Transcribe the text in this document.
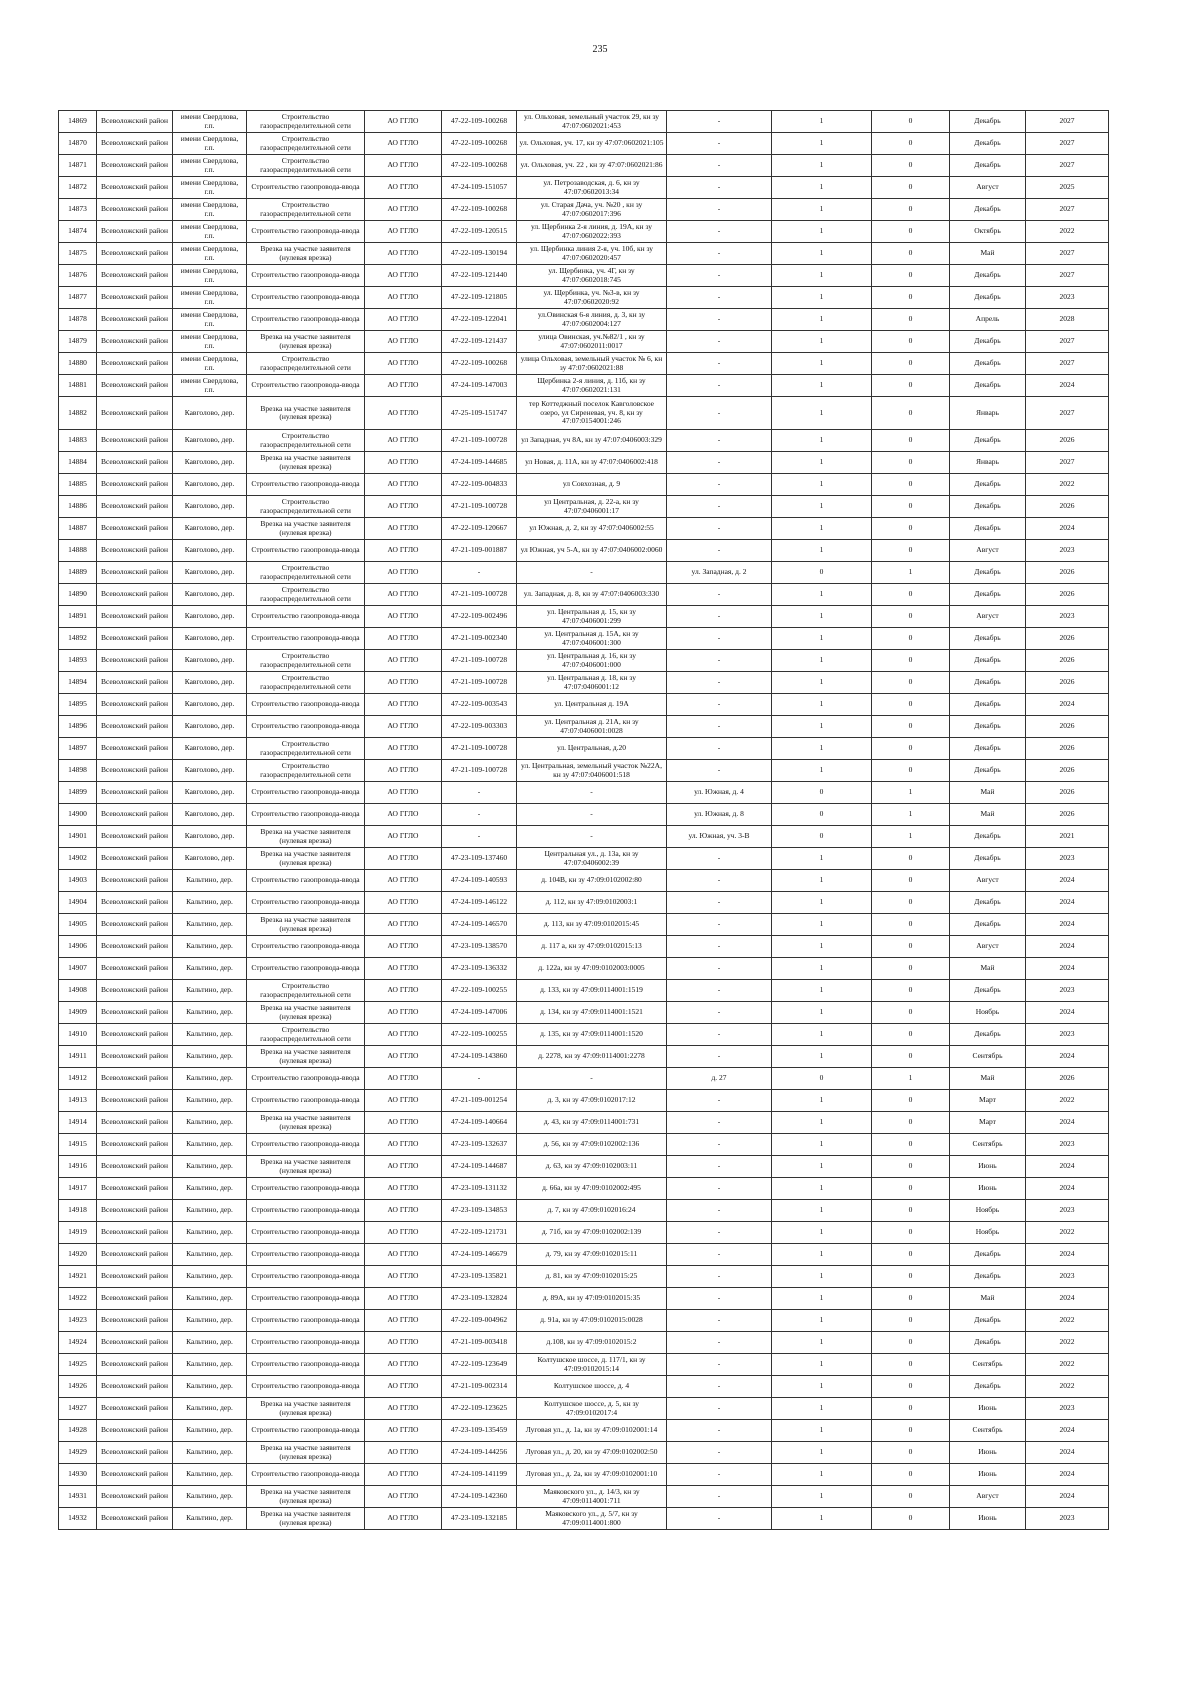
235
14869	Всеволожский район	имени Свердлова, г.п.	Строительство газораспределительной сети	АО ГГЛО	47-22-109-100268	ул. Ольховая, земельный участок 29, кн зу 47:07:0602021:453	-	1	0	Декабрь	2027
14870	Всеволожский район	имени Свердлова, г.п.	Строительство газораспределительной сети	АО ГГЛО	47-22-109-100268	ул. Ольховая, уч. 17, кн зу 47:07:0602021:105	-	1	0	Декабрь	2027
14871	Всеволожский район	имени Свердлова, г.п.	Строительство газораспределительной сети	АО ГГЛО	47-22-109-100268	ул. Ольховая, уч. 22 , кн зу 47:07:0602021:86	-	1	0	Декабрь	2027
14872	Всеволожский район	имени Свердлова, г.п.	Строительство газопровода-ввода	АО ГГЛО	47-24-109-151057	ул. Петрозаводская, д. 6, кн зу 47:07:0602013:34	-	1	0	Август	2025
14873	Всеволожский район	имени Свердлова, г.п.	Строительство газораспределительной сети	АО ГГЛО	47-22-109-100268	ул. Старая Дача, уч. №20 , кн зу 47:07:0602017:396	-	1	0	Декабрь	2027
14874	Всеволожский район	имени Свердлова, г.п.	Строительство газопровода-ввода	АО ГГЛО	47-22-109-120515	ул. Щербинка 2-я линия, д. 19А, кн зу 47:07:0602022:393	-	1	0	Октябрь	2022
14875	Всеволожский район	имени Свердлова, г.п.	Врезка на участке заявителя (нулевая врезка)	АО ГГЛО	47-22-109-130194	ул. Щербинка линия 2-я, уч. 10б, кн зу 47:07:0602020:457	-	1	0	Май	2027
14876	Всеволожский район	имени Свердлова, г.п.	Строительство газопровода-ввода	АО ГГЛО	47-22-109-121440	ул. Щербинка, уч. 4Г, кн зу 47:07:0602018:745	-	1	0	Декабрь	2027
14877	Всеволожский район	имени Свердлова, г.п.	Строительство газопровода-ввода	АО ГГЛО	47-22-109-121805	ул. Щербинка, уч. №3-в, кн зу 47:07:0602020:92	-	1	0	Декабрь	2023
14878	Всеволожский район	имени Свердлова, г.п.	Строительство газопровода-ввода	АО ГГЛО	47-22-109-122041	ул.Овинская 6-я линия, д. 3, кн зу 47:07:0602004:127	-	1	0	Апрель	2028
14879	Всеволожский район	имени Свердлова, г.п.	Врезка на участке заявителя (нулевая врезка)	АО ГГЛО	47-22-109-121437	улица Овинская, уч.№82/1 , кн зу 47:07:0602011:0017	-	1	0	Декабрь	2027
14880	Всеволожский район	имени Свердлова, г.п.	Строительство газораспределительной сети	АО ГГЛО	47-22-109-100268	улица Ольховая, земельный участок № 6, кн зу 47:07:0602021:88	-	1	0	Декабрь	2027
14881	Всеволожский район	имени Свердлова, г.п.	Строительство газопровода-ввода	АО ГГЛО	47-24-109-147003	Щербинка 2-я линия, д. 11б, кн зу 47:07:0602021:131	-	1	0	Декабрь	2024
14882	Всеволожский район	Кавголово, дер.	Врезка на участке заявителя (нулевая врезка)	АО ГГЛО	47-25-109-151747	тер Коттеджный поселок Кавголовское озеро, ул Сиреневая, уч. 8, кн зу 47:07:0154001:246	-	1	0	Январь	2027
14883	Всеволожский район	Кавголово, дер.	Строительство газораспределительной сети	АО ГГЛО	47-21-109-100728	ул Западная, уч 8А, кн зу 47:07:0406003:329	-	1	0	Декабрь	2026
14884	Всеволожский район	Кавголово, дер.	Врезка на участке заявителя (нулевая врезка)	АО ГГЛО	47-24-109-144685	ул Новая, д. 11А, кн зу 47:07:0406002:418	-	1	0	Январь	2027
14885	Всеволожский район	Кавголово, дер.	Строительство газопровода-ввода	АО ГГЛО	47-22-109-004833	ул Совхозная, д. 9	-	1	0	Декабрь	2022
14886	Всеволожский район	Кавголово, дер.	Строительство газораспределительной сети	АО ГГЛО	47-21-109-100728	ул Центральная, д. 22-а, кн зу 47:07:0406001:17	-	1	0	Декабрь	2026
14887	Всеволожский район	Кавголово, дер.	Врезка на участке заявителя (нулевая врезка)	АО ГГЛО	47-22-109-120667	ул Южная, д. 2, кн зу 47:07:0406002:55	-	1	0	Декабрь	2024
14888	Всеволожский район	Кавголово, дер.	Строительство газопровода-ввода	АО ГГЛО	47-21-109-001887	ул Южная, уч 5-А, кн зу 47:07:0406002:0060	-	1	0	Август	2023
14889	Всеволожский район	Кавголово, дер.	Строительство газораспределительной сети	АО ГГЛО	-	-	ул. Западная, д. 2	0	1	Декабрь	2026
14890	Всеволожский район	Кавголово, дер.	Строительство газораспределительной сети	АО ГГЛО	47-21-109-100728	ул. Западная, д. 8, кн зу 47:07:0406003:330	-	1	0	Декабрь	2026
14891	Всеволожский район	Кавголово, дер.	Строительство газопровода-ввода	АО ГГЛО	47-22-109-002496	ул. Центральная д. 15, кн зу 47:07:0406001:299	-	1	0	Август	2023
14892	Всеволожский район	Кавголово, дер.	Строительство газопровода-ввода	АО ГГЛО	47-21-109-002340	ул. Центральная д. 15А, кн зу 47:07:0406001:300	-	1	0	Декабрь	2026
14893	Всеволожский район	Кавголово, дер.	Строительство газораспределительной сети	АО ГГЛО	47-21-109-100728	ул. Центральная д. 16, кн зу 47:07:0406001:000	-	1	0	Декабрь	2026
14894	Всеволожский район	Кавголово, дер.	Строительство газораспределительной сети	АО ГГЛО	47-21-109-100728	ул. Центральная д. 18, кн зу 47:07:0406001:12	-	1	0	Декабрь	2026
14895	Всеволожский район	Кавголово, дер.	Строительство газопровода-ввода	АО ГГЛО	47-22-109-003543	ул. Центральная д. 19А	-	1	0	Декабрь	2024
14896	Всеволожский район	Кавголово, дер.	Строительство газопровода-ввода	АО ГГЛО	47-22-109-003303	ул. Центральная д. 21А, кн зу 47:07:0406001:0028	-	1	0	Декабрь	2026
14897	Всеволожский район	Кавголово, дер.	Строительство газораспределительной сети	АО ГГЛО	47-21-109-100728	ул. Центральная, д.20	-	1	0	Декабрь	2026
14898	Всеволожский район	Кавголово, дер.	Строительство газораспределительной сети	АО ГГЛО	47-21-109-100728	ул. Центральная, земельный участок №22А, кн зу 47:07:0406001:518	-	1	0	Декабрь	2026
14899	Всеволожский район	Кавголово, дер.	Строительство газопровода-ввода	АО ГГЛО	-	-	ул. Южная, д. 4	0	1	Май	2026
14900	Всеволожский район	Кавголово, дер.	Строительство газопровода-ввода	АО ГГЛО	-	-	ул. Южная, д. 8	0	1	Май	2026
14901	Всеволожский район	Кавголово, дер.	Врезка на участке заявителя (нулевая врезка)	АО ГГЛО	-	-	ул. Южная, уч. 3-В	0	1	Декабрь	2021
14902	Всеволожский район	Кавголово, дер.	Врезка на участке заявителя (нулевая врезка)	АО ГГЛО	47-23-109-137460	Центральная ул., д. 13а, кн зу 47:07:0406002:39	-	1	0	Декабрь	2023
14903	Всеволожский район	Кальтино, дер.	Строительство газопровода-ввода	АО ГГЛО	47-24-109-140593	д. 104В, кн зу 47:09:0102002:80	-	1	0	Август	2024
14904	Всеволожский район	Кальтино, дер.	Строительство газопровода-ввода	АО ГГЛО	47-24-109-146122	д. 112, кн зу 47:09:0102003:1	-	1	0	Декабрь	2024
14905	Всеволожский район	Кальтино, дер.	Врезка на участке заявителя (нулевая врезка)	АО ГГЛО	47-24-109-146570	д. 113, кн зу 47:09:0102015:45	-	1	0	Декабрь	2024
14906	Всеволожский район	Кальтино, дер.	Строительство газопровода-ввода	АО ГГЛО	47-23-109-138570	д. 117 а, кн зу 47:09:0102015:13	-	1	0	Август	2024
14907	Всеволожский район	Кальтино, дер.	Строительство газопровода-ввода	АО ГГЛО	47-23-109-136332	д. 122а, кн зу 47:09:0102003:0005	-	1	0	Май	2024
14908	Всеволожский район	Кальтино, дер.	Строительство газораспределительной сети	АО ГГЛО	47-22-109-100255	д. 133, кн зу 47:09:0114001:1519	-	1	0	Декабрь	2023
14909	Всеволожский район	Кальтино, дер.	Врезка на участке заявителя (нулевая врезка)	АО ГГЛО	47-24-109-147006	д. 134, кн зу 47:09:0114001:1521	-	1	0	Ноябрь	2024
14910	Всеволожский район	Кальтино, дер.	Строительство газораспределительной сети	АО ГГЛО	47-22-109-100255	д. 135, кн зу 47:09:0114001:1520	-	1	0	Декабрь	2023
14911	Всеволожский район	Кальтино, дер.	Врезка на участке заявителя (нулевая врезка)	АО ГГЛО	47-24-109-143860	д. 2278, кн зу 47:09:0114001:2278	-	1	0	Сентябрь	2024
14912	Всеволожский район	Кальтино, дер.	Строительство газопровода-ввода	АО ГГЛО	-	-	д. 27	0	1	Май	2026
14913	Всеволожский район	Кальтино, дер.	Строительство газопровода-ввода	АО ГГЛО	47-21-109-001254	д. 3, кн зу 47:09:0102017:12	-	1	0	Март	2022
14914	Всеволожский район	Кальтино, дер.	Врезка на участке заявителя (нулевая врезка)	АО ГГЛО	47-24-109-140664	д. 43, кн зу 47:09:0114001:731	-	1	0	Март	2024
14915	Всеволожский район	Кальтино, дер.	Строительство газопровода-ввода	АО ГГЛО	47-23-109-132637	д. 56, кн зу 47:09:0102002:136	-	1	0	Сентябрь	2023
14916	Всеволожский район	Кальтино, дер.	Врезка на участке заявителя (нулевая врезка)	АО ГГЛО	47-24-109-144687	д. 63, кн зу 47:09:0102003:11	-	1	0	Июнь	2024
14917	Всеволожский район	Кальтино, дер.	Строительство газопровода-ввода	АО ГГЛО	47-23-109-131132	д. 66а, кн зу 47:09:0102002:495	-	1	0	Июнь	2024
14918	Всеволожский район	Кальтино, дер.	Строительство газопровода-ввода	АО ГГЛО	47-23-109-134853	д. 7, кн зу 47:09:0102016:24	-	1	0	Ноябрь	2023
14919	Всеволожский район	Кальтино, дер.	Строительство газопровода-ввода	АО ГГЛО	47-22-109-121731	д. 71б, кн зу 47:09:0102002:139	-	1	0	Ноябрь	2022
14920	Всеволожский район	Кальтино, дер.	Строительство газопровода-ввода	АО ГГЛО	47-24-109-146679	д. 79, кн зу 47:09:0102015:11	-	1	0	Декабрь	2024
14921	Всеволожский район	Кальтино, дер.	Строительство газопровода-ввода	АО ГГЛО	47-23-109-135821	д. 81, кн зу 47:09:0102015:25	-	1	0	Декабрь	2023
14922	Всеволожский район	Кальтино, дер.	Строительство газопровода-ввода	АО ГГЛО	47-23-109-132824	д. 89А, кн зу 47:09:0102015:35	-	1	0	Май	2024
14923	Всеволожский район	Кальтино, дер.	Строительство газопровода-ввода	АО ГГЛО	47-22-109-004962	д. 91а, кн зу 47:09:0102015:0028	-	1	0	Декабрь	2022
14924	Всеволожский район	Кальтино, дер.	Строительство газопровода-ввода	АО ГГЛО	47-21-109-003418	д.108, кн зу 47:09:0102015:2	-	1	0	Декабрь	2022
14925	Всеволожский район	Кальтино, дер.	Строительство газопровода-ввода	АО ГГЛО	47-22-109-123649	Колтушское шоссе, д. 117/1, кн зу 47:09:0102015:14	-	1	0	Сентябрь	2022
14926	Всеволожский район	Кальтино, дер.	Строительство газопровода-ввода	АО ГГЛО	47-21-109-002314	Колтушское шоссе, д. 4	-	1	0	Декабрь	2022
14927	Всеволожский район	Кальтино, дер.	Врезка на участке заявителя (нулевая врезка)	АО ГГЛО	47-22-109-123625	Колтушское шоссе, д. 5, кн зу 47:09:0102017:4	-	1	0	Июнь	2023
14928	Всеволожский район	Кальтино, дер.	Строительство газопровода-ввода	АО ГГЛО	47-23-109-135459	Луговая ул., д. 1а, кн зу 47:09:0102001:14	-	1	0	Сентябрь	2024
14929	Всеволожский район	Кальтино, дер.	Врезка на участке заявителя (нулевая врезка)	АО ГГЛО	47-24-109-144256	Луговая ул., д. 20, кн зу 47:09:0102002:50	-	1	0	Июнь	2024
14930	Всеволожский район	Кальтино, дер.	Строительство газопровода-ввода	АО ГГЛО	47-24-109-141199	Луговая ул., д. 2а, кн зу 47:09:0102001:10	-	1	0	Июнь	2024
14931	Всеволожский район	Кальтино, дер.	Врезка на участке заявителя (нулевая врезка)	АО ГГЛО	47-24-109-142360	Маяковского ул., д. 14/3, кн зу 47:09:0114001:711	-	1	0	Август	2024
14932	Всеволожский район	Кальтино, дер.	Врезка на участке заявителя (нулевая врезка)	АО ГГЛО	47-23-109-132185	Маяковского ул., д. 5/7, кн зу 47:09:0114001:800	-	1	0	Июнь	2023
